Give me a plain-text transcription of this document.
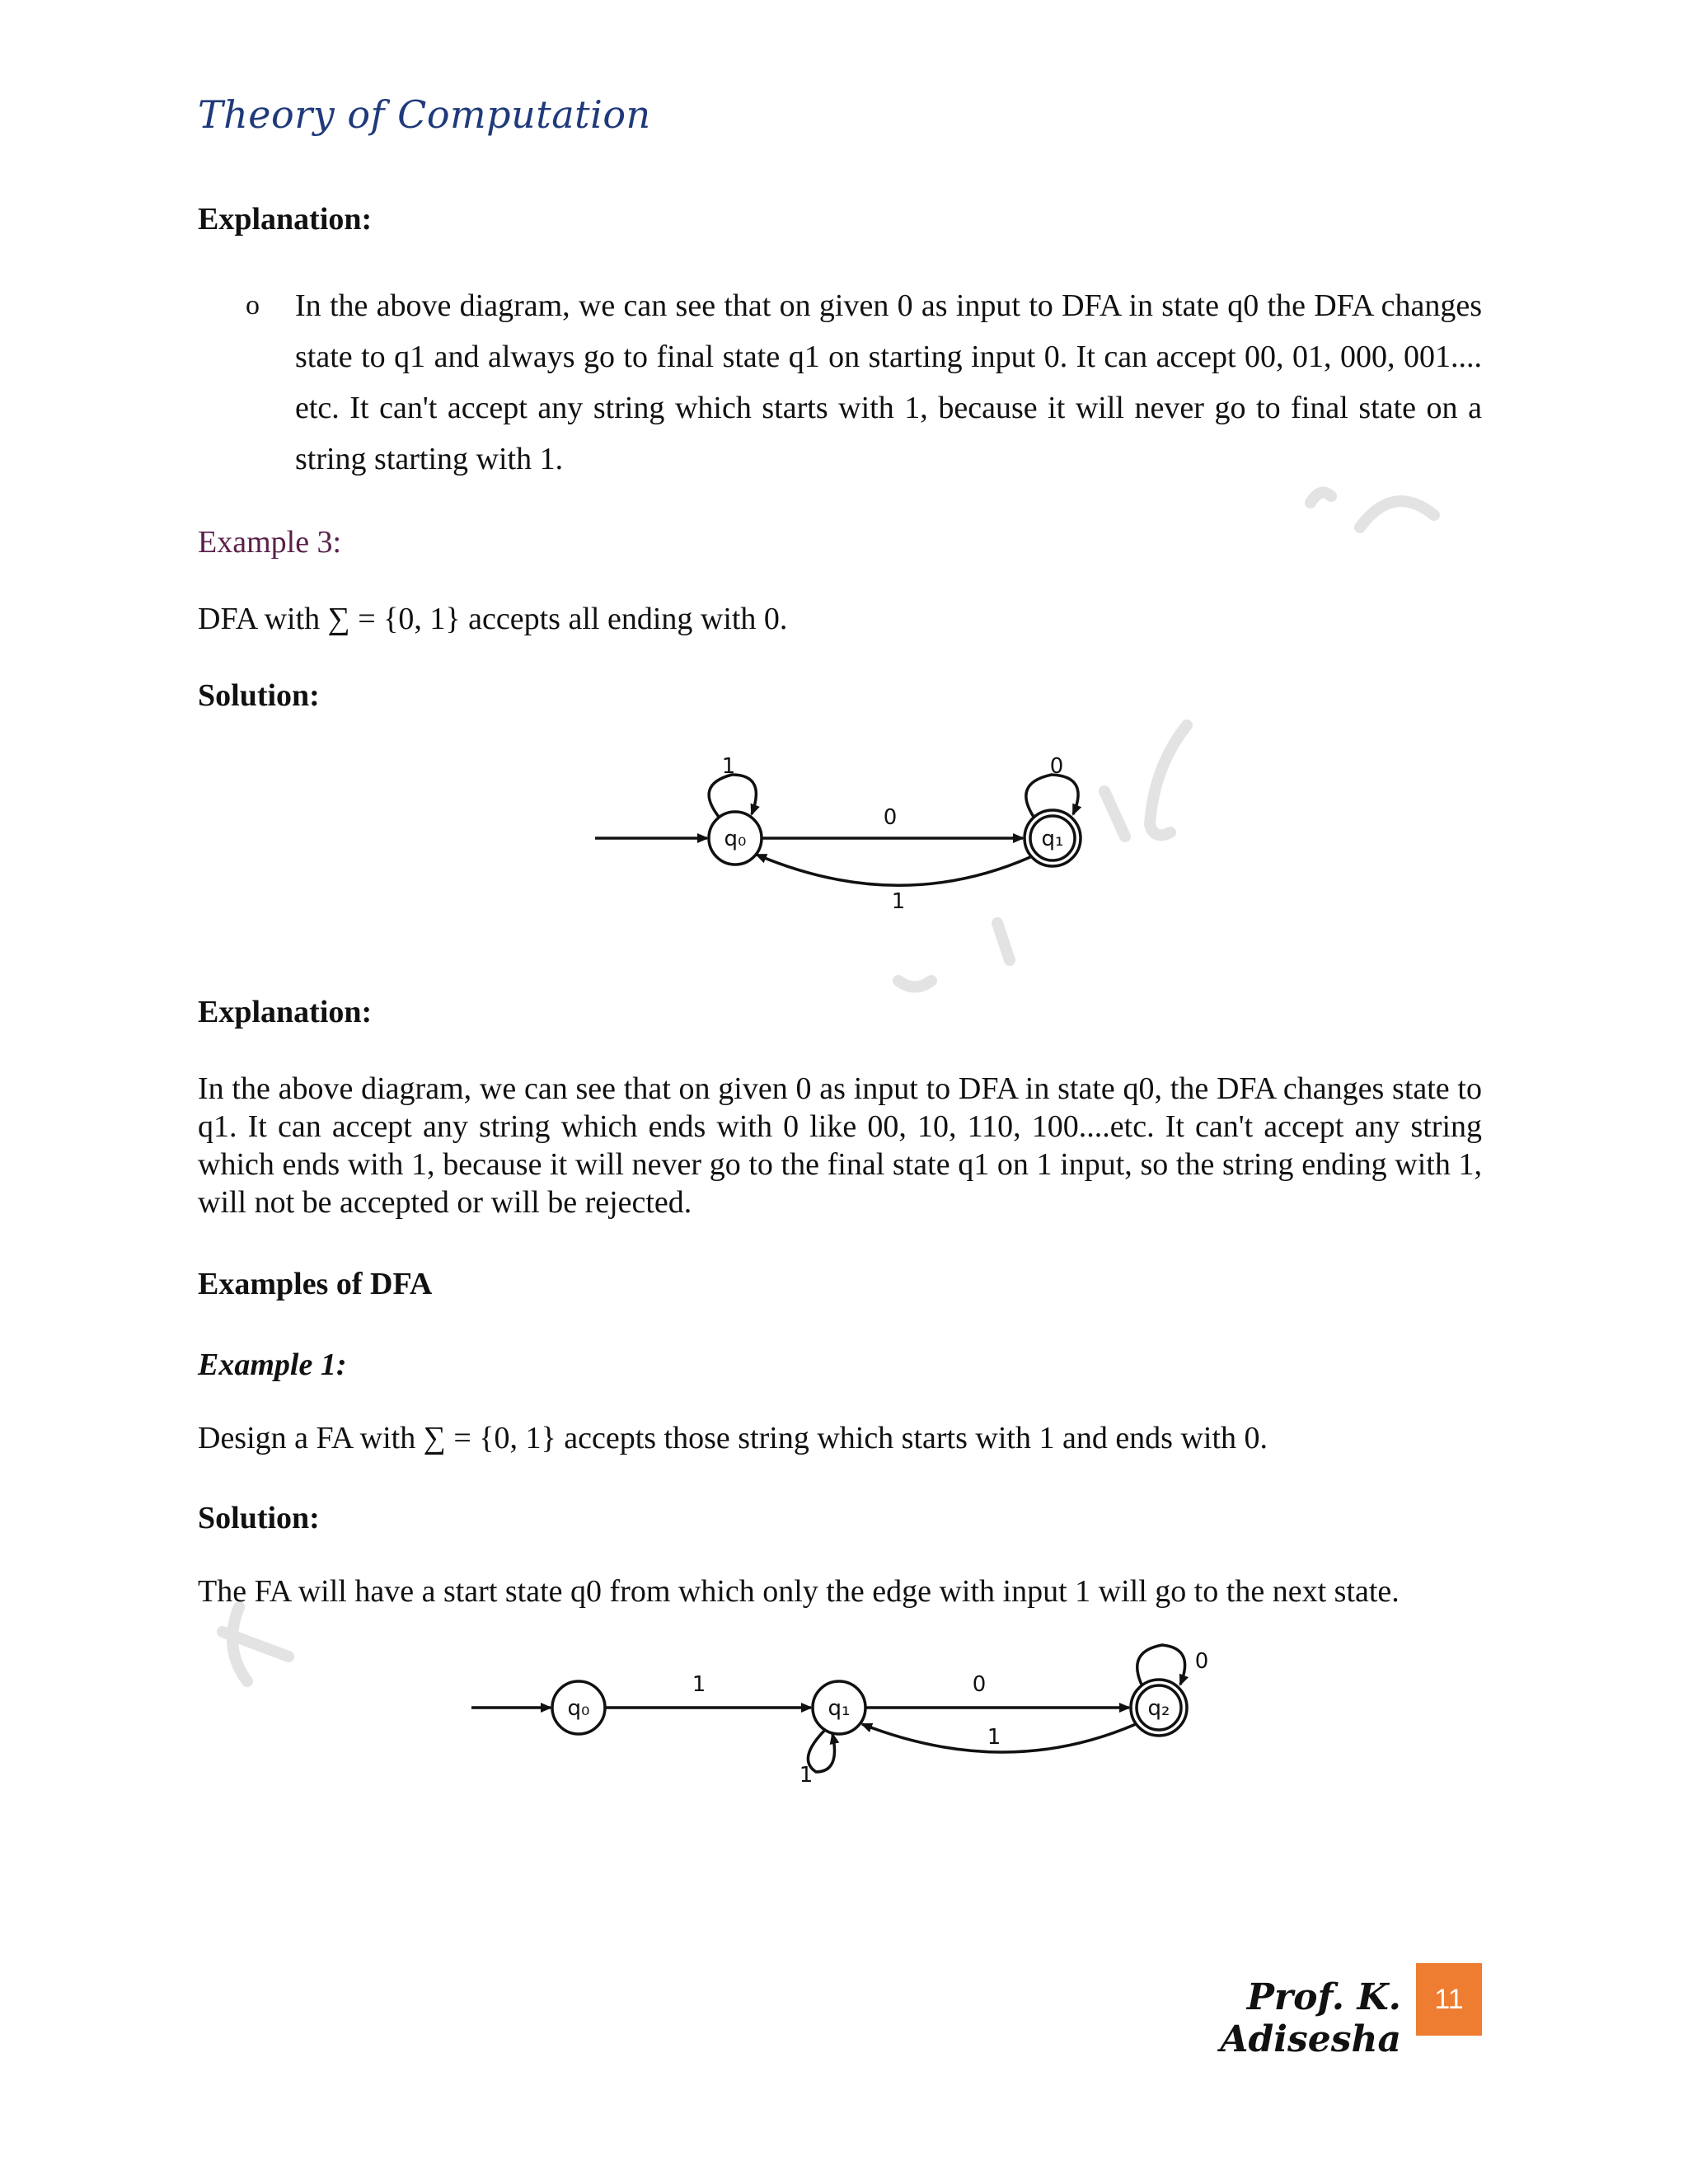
Theory of Computation
Explanation:
o In the above diagram, we can see that on given 0 as input to DFA in state q0 the DFA changes state to q1 and always go to final state q1 on starting input 0. It can accept 00, 01, 000, 001.... etc. It can't accept any string which starts with 1, because it will never go to final state on a string starting with 1.
Example 3:
DFA with ∑ = {0, 1} accepts all ending with 0.
Solution:
q₀	q₁
1	0
0
1
Explanation:
In the above diagram, we can see that on given 0 as input to DFA in state q0, the DFA changes state to q1. It can accept any string which ends with 0 like 00, 10, 110, 100....etc. It can't accept any string which ends with 1, because it will never go to the final state q1 on 1 input, so the string ending with 1, will not be accepted or will be rejected.
Examples of DFA
Example 1:
Design a FA with ∑ = {0, 1} accepts those string which starts with 1 and ends with 0.
Solution:
The FA will have a start state q0 from which only the edge with input 1 will go to the next state.
q₀	q₁	q₂
1	0
1
1
0
Prof. K. Adisesha
11
